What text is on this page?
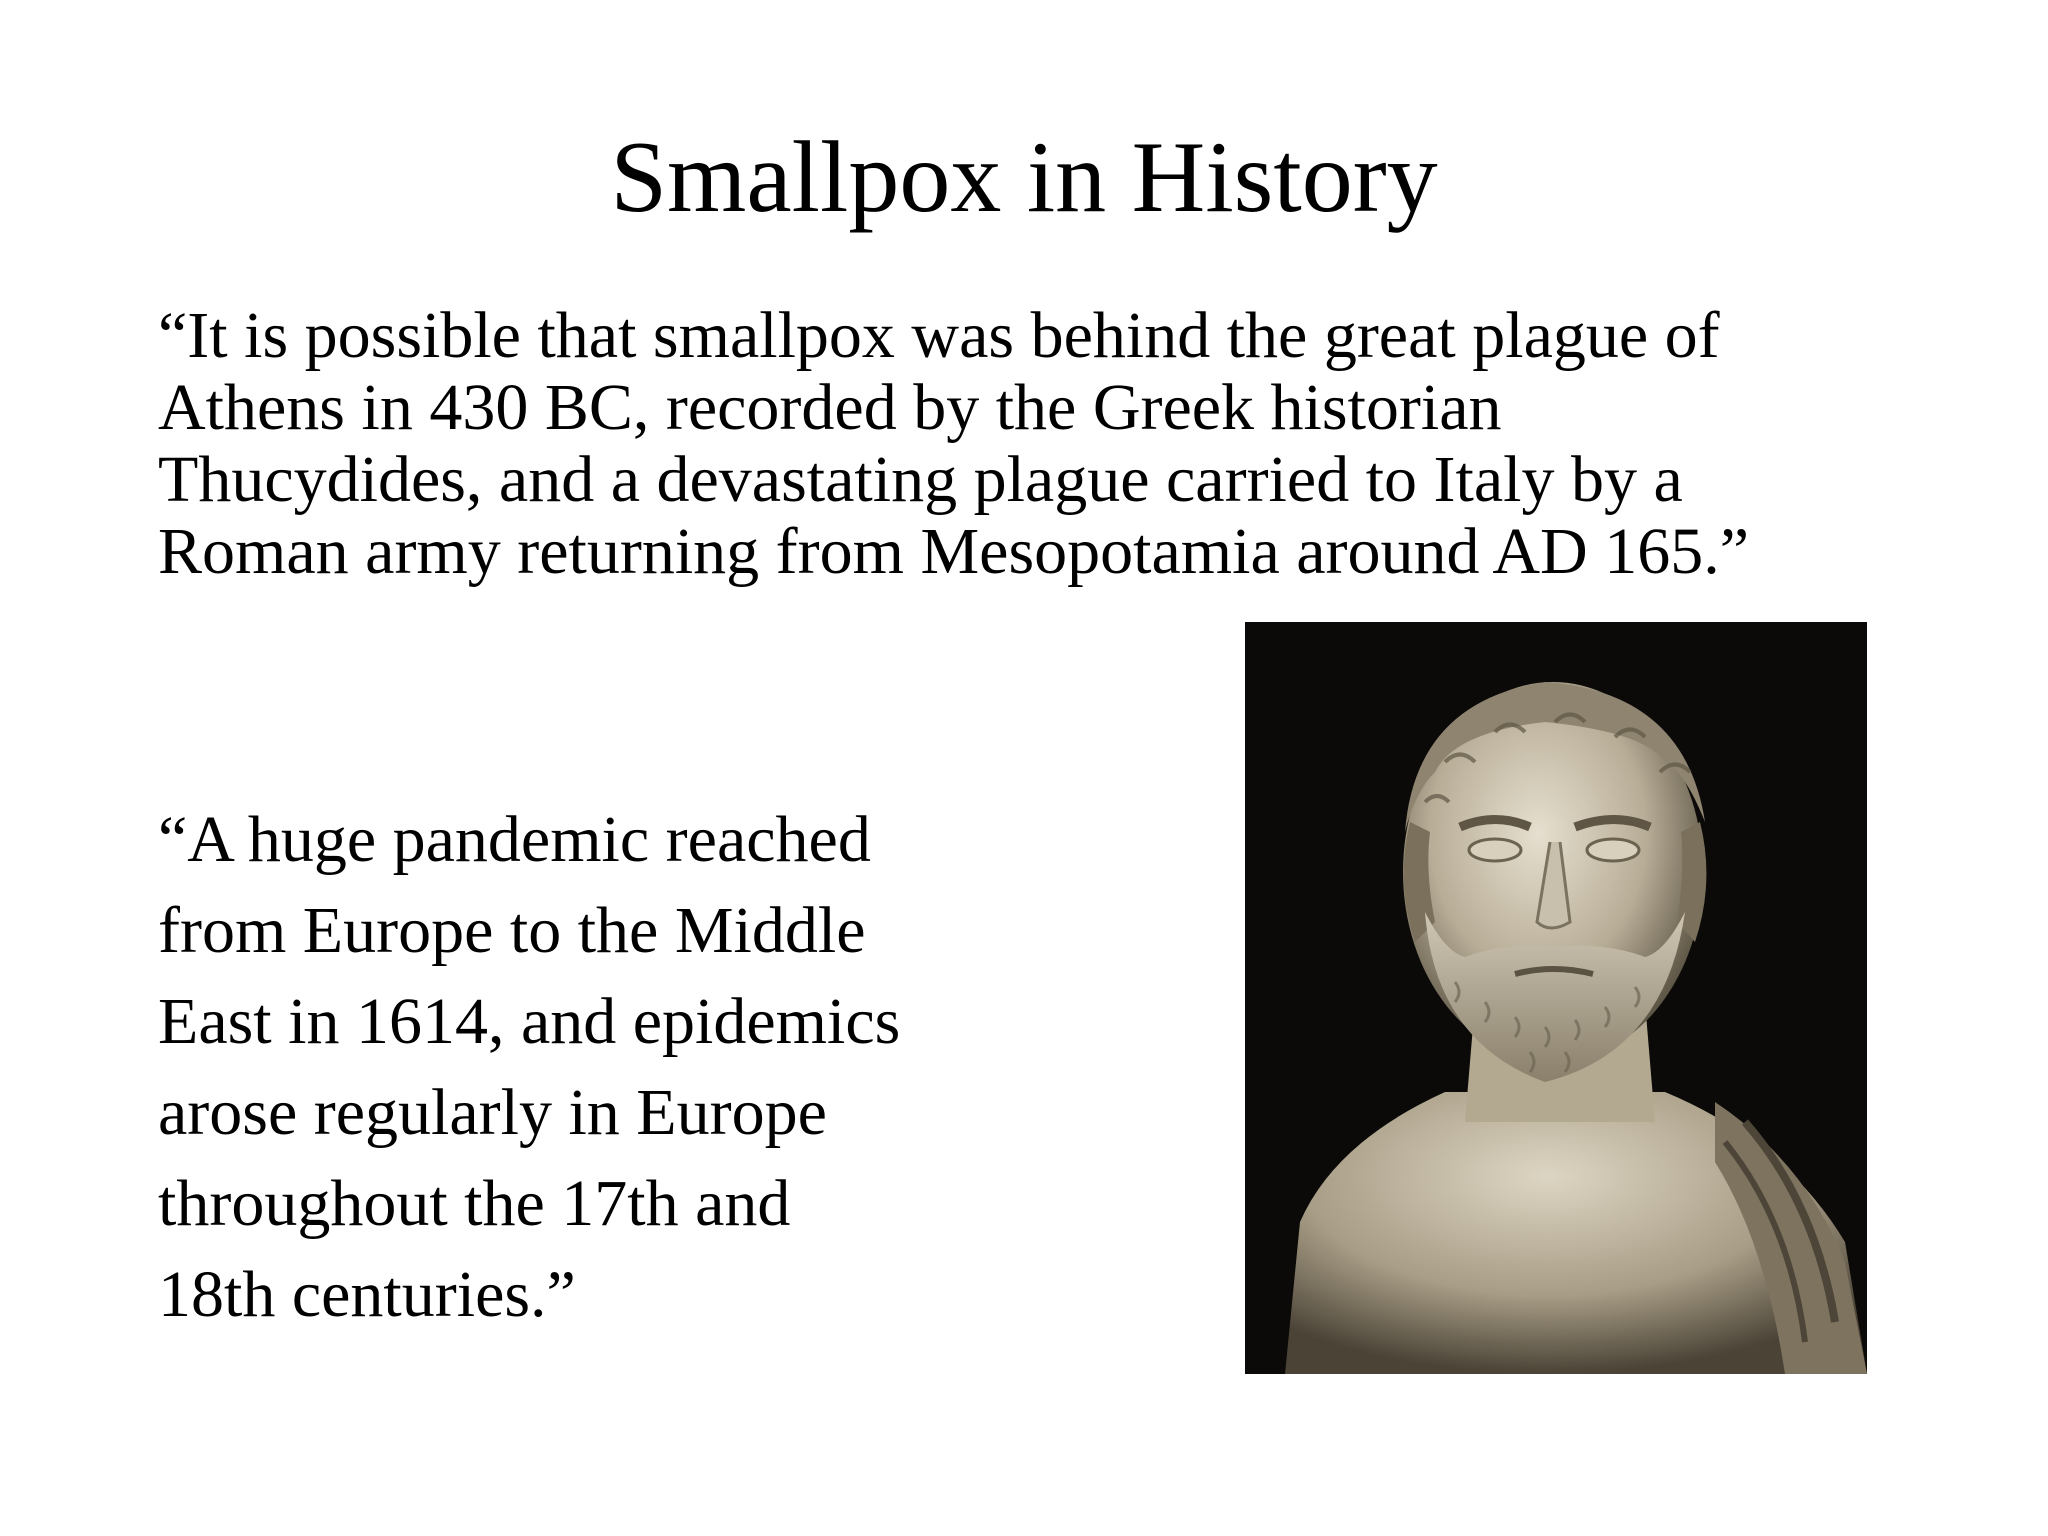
Smallpox in History
“It is possible that smallpox was behind the great plague of
Athens in 430 BC, recorded by the Greek historian
Thucydides, and a devastating plague carried to Italy by a
Roman army returning from Mesopotamia around AD 165.”
“A huge pandemic reached
from Europe to the Middle
East in 1614, and epidemics
arose regularly in Europe
throughout the 17th and
18th centuries.”
